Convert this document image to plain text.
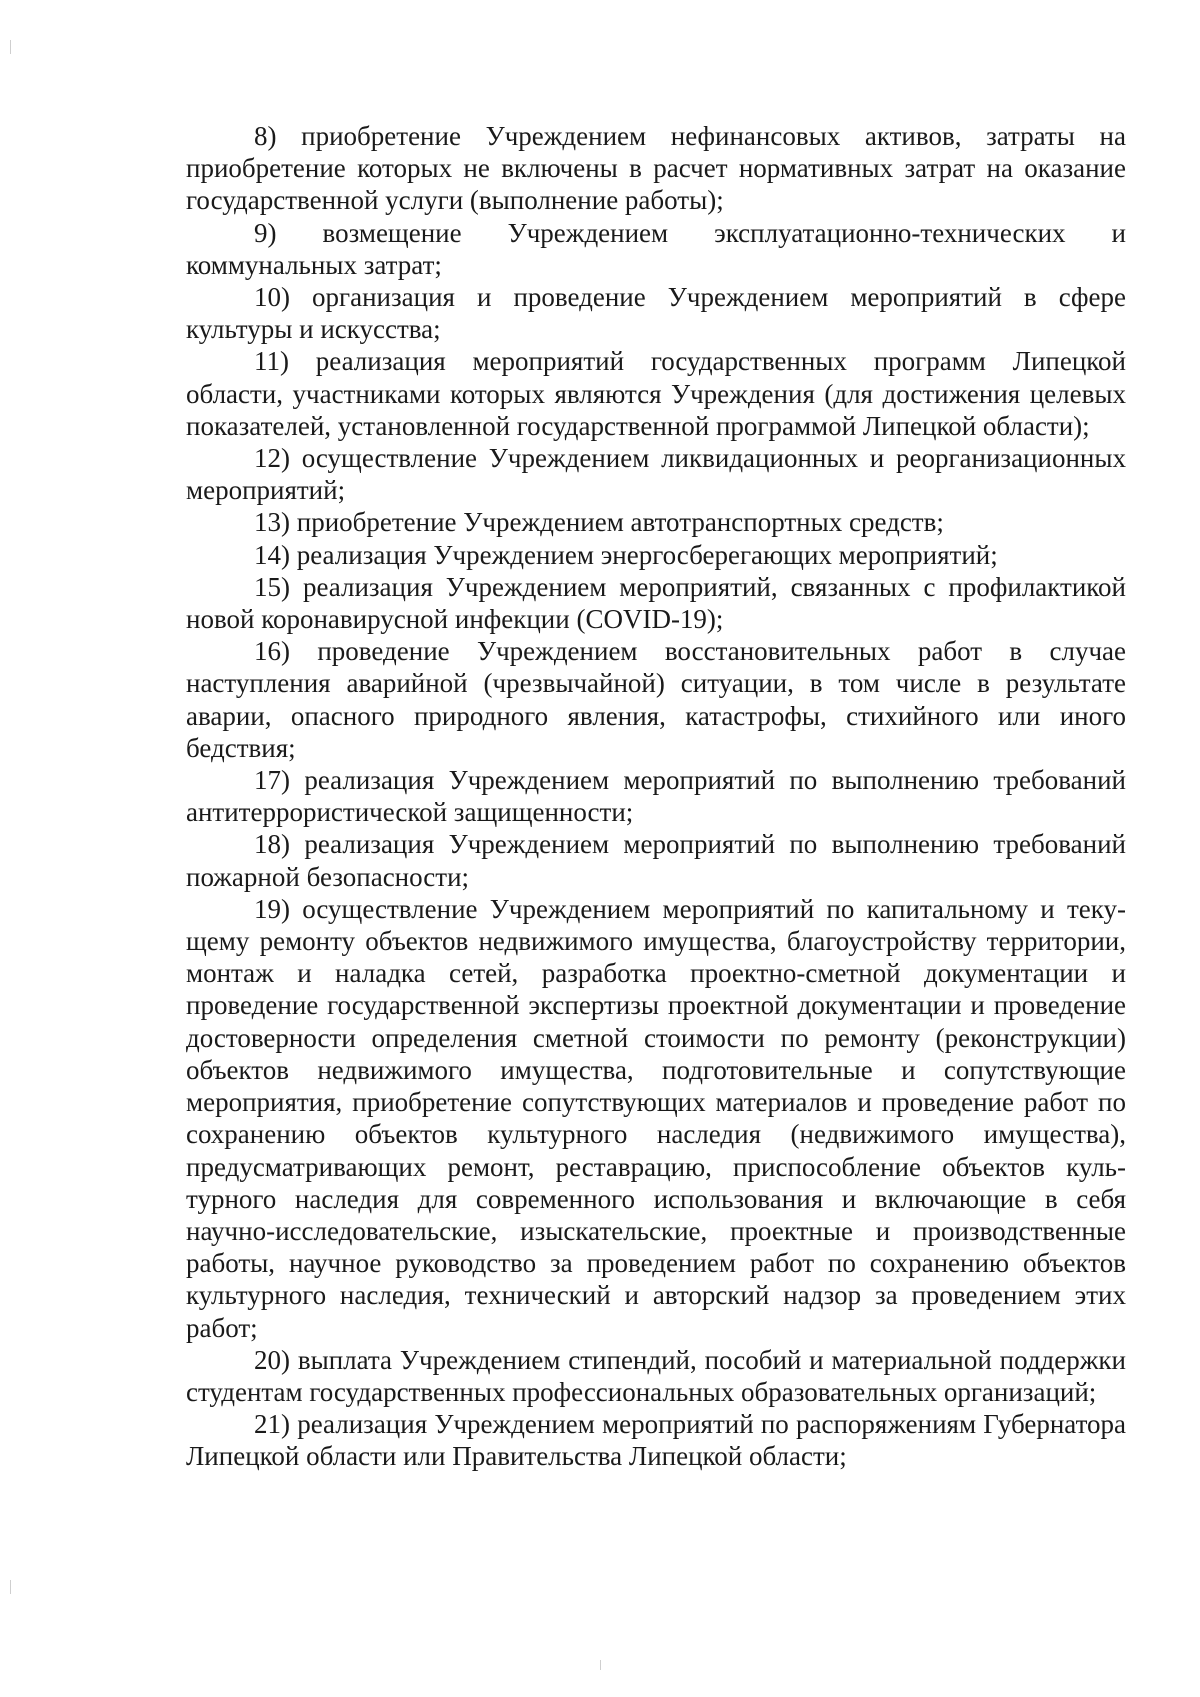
8) приобретение Учреждением нефинансовых активов, затраты на приобретение которых не включены в расчет нормативных затрат на оказание государственной услуги (выполнение работы);

9) возмещение Учреждением эксплуатационно-технических и коммунальных затрат;

10) организация и проведение Учреждением мероприятий в сфере культуры и искусства;

11) реализация мероприятий государственных программ Липецкой области, участниками которых являются Учреждения (для достижения целевых показателей, установленной государственной программой Липецкой области);

12) осуществление Учреждением ликвидационных и реорганизационных мероприятий;

13) приобретение Учреждением автотранспортных средств;

14) реализация Учреждением энергосберегающих мероприятий;

15) реализация Учреждением мероприятий, связанных с профилактикой новой коронавирусной инфекции (COVID-19);

16) проведение Учреждением восстановительных работ в случае наступления аварийной (чрезвычайной) ситуации, в том числе в результате аварии, опасного природного явления, катастрофы, стихийного или иного бедствия;

17) реализация Учреждением мероприятий по выполнению требований антитеррористической защищенности;

18) реализация Учреждением мероприятий по выполнению требований пожарной безопасности;

19) осуществление Учреждением мероприятий по капитальному и текущему ремонту объектов недвижимого имущества, благоустройству территории, монтаж и наладка сетей, разработка проектно-сметной документации и проведение государственной экспертизы проектной документации и проведение достоверности определения сметной стоимости по ремонту (реконструкции) объектов недвижимого имущества, подготовительные и сопутствующие мероприятия, приобретение сопутствующих материалов и проведение работ по сохранению объектов культурного наследия (недвижимого имущества), предусматривающих ремонт, реставрацию, приспособление объектов культурного наследия для современного использования и включающие в себя научно-исследовательские, изыскательские, проектные и производственные работы, научное руководство за проведением работ по сохранению объектов культурного наследия, технический и авторский надзор за проведением этих работ;

20) выплата Учреждением стипендий, пособий и материальной поддержки студентам государственных профессиональных образовательных организаций;

21) реализация Учреждением мероприятий по распоряжениям Губернатора Липецкой области или Правительства Липецкой области;
